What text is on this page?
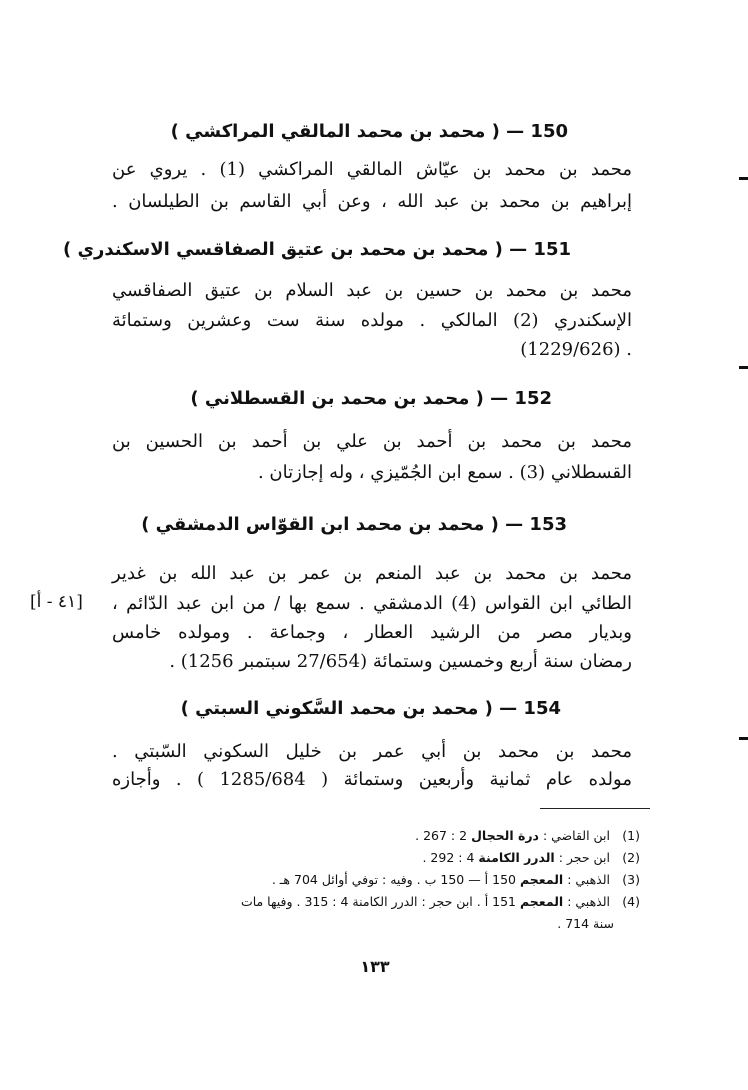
150 — ( محمد بن محمد المالقي المراكشي )
محمد بن محمد بن عيّاش المالقي المراكشي (1) . يروي عن
إبراهيم بن محمد بن عبد الله ، وعن أبي القاسم بن الطيلسان .
151 — ( محمد بن محمد بن عتيق الصفاقسي الاسكندري )
محمد بن محمد بن حسين بن عبد السلام بن عتيق الصفاقسي
الإسكندري (2) المالكي . مولده سنة ست وعشرين وستمائة
. (1229/626)
152 — ( محمد بن محمد بن القسطلاني )
محمد بن محمد بن أحمد بن علي بن أحمد بن الحسين بن
القسطلاني (3) . سمع ابن الجُمّيزي ، وله إجازتان .
153 — ( محمد بن محمد ابن القوّاس الدمشقي )
محمد بن محمد بن عبد المنعم بن عمر بن عبد الله بن غدير
الطائي ابن القواس (4) الدمشقي . سمع بها / من ابن عبد الدّائم ،
وبديار مصر من الرشيد العطار ، وجماعة . ومولده خامس
رمضان سنة أربع وخمسين وستمائة (27/654 سبتمبر 1256) .
[٤١ - أ]
154 — ( محمد بن محمد السَّكوني السبتي )
محمد بن محمد بن أبي عمر بن خليل السكوني السّبتي .
مولده عام ثمانية وأربعين وستمائة ( 1285/684 ) . وأجازه
(1) ابن القاضي : درة الحجال 2 : 267 .
(2) ابن حجر : الدرر الكامنة 4 : 292 .
(3) الذهبي : المعجم 150 أ — 150 ب . وفيه : توفي أوائل 704 هـ .
(4) الذهبي : المعجم 151 أ . ابن حجر : الدرر الكامنة 4 : 315 . وفيها مات
سنة 714 .
١٣٣
